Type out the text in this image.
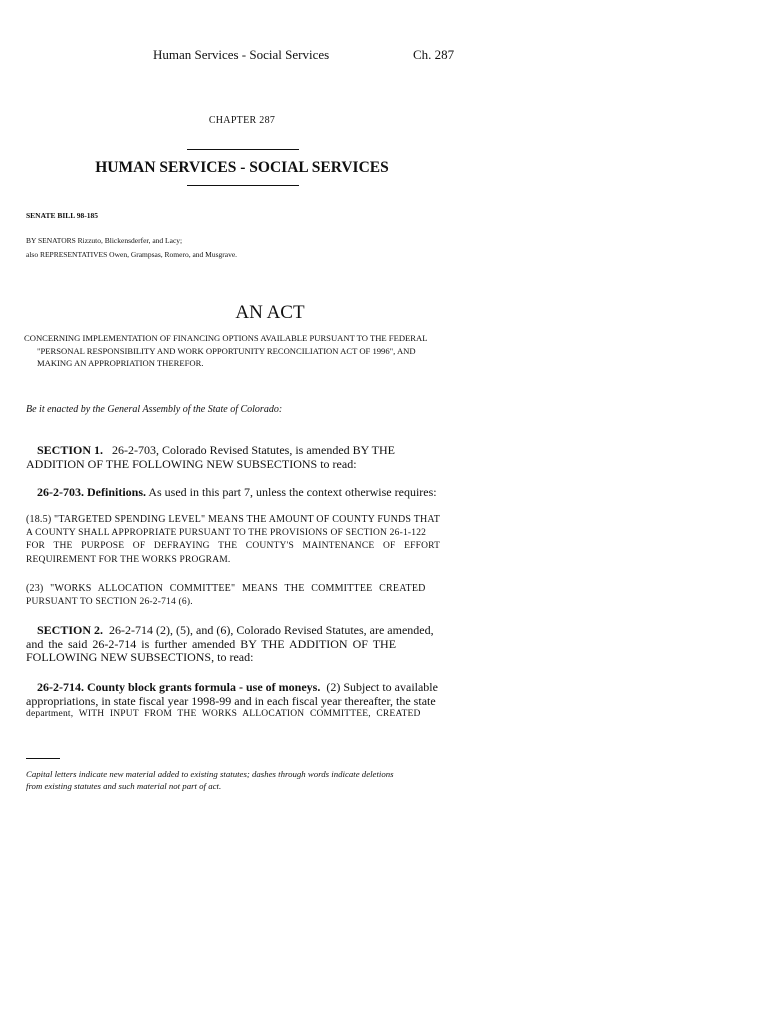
Human Services - Social Services	Ch. 287
CHAPTER 287
HUMAN SERVICES - SOCIAL SERVICES
SENATE BILL 98-185
BY SENATORS Rizzuto, Blickensderfer, and Lacy;
also REPRESENTATIVES Owen, Grampsas, Romero, and Musgrave.
AN ACT
CONCERNING IMPLEMENTATION OF FINANCING OPTIONS AVAILABLE PURSUANT TO THE FEDERAL
"PERSONAL RESPONSIBILITY AND WORK OPPORTUNITY RECONCILIATION ACT OF 1996", AND
MAKING AN APPROPRIATION THEREFOR.
Be it enacted by the General Assembly of the State of Colorado:
SECTION 1. 26-2-703, Colorado Revised Statutes, is amended BY THE
ADDITION OF THE FOLLOWING NEW SUBSECTIONS to read:
26-2-703. Definitions. As used in this part 7, unless the context otherwise requires:
(18.5) "TARGETED SPENDING LEVEL" MEANS THE AMOUNT OF COUNTY FUNDS THAT
A COUNTY SHALL APPROPRIATE PURSUANT TO THE PROVISIONS OF SECTION 26-1-122
FOR THE PURPOSE OF DEFRAYING THE COUNTY'S MAINTENANCE OF EFFORT
REQUIREMENT FOR THE WORKS PROGRAM.
(23) "WORKS ALLOCATION COMMITTEE" MEANS THE COMMITTEE CREATED
PURSUANT TO SECTION 26-2-714 (6).
SECTION 2. 26-2-714 (2), (5), and (6), Colorado Revised Statutes, are amended,
and the said 26-2-714 is further amended BY THE ADDITION OF THE
FOLLOWING NEW SUBSECTIONS, to read:
26-2-714. County block grants formula - use of moneys. (2) Subject to available
appropriations, in state fiscal year 1998-99 and in each fiscal year thereafter, the state
department, WITH INPUT FROM THE WORKS ALLOCATION COMMITTEE, CREATED
Capital letters indicate new material added to existing statutes; dashes through words indicate deletions
from existing statutes and such material not part of act.
